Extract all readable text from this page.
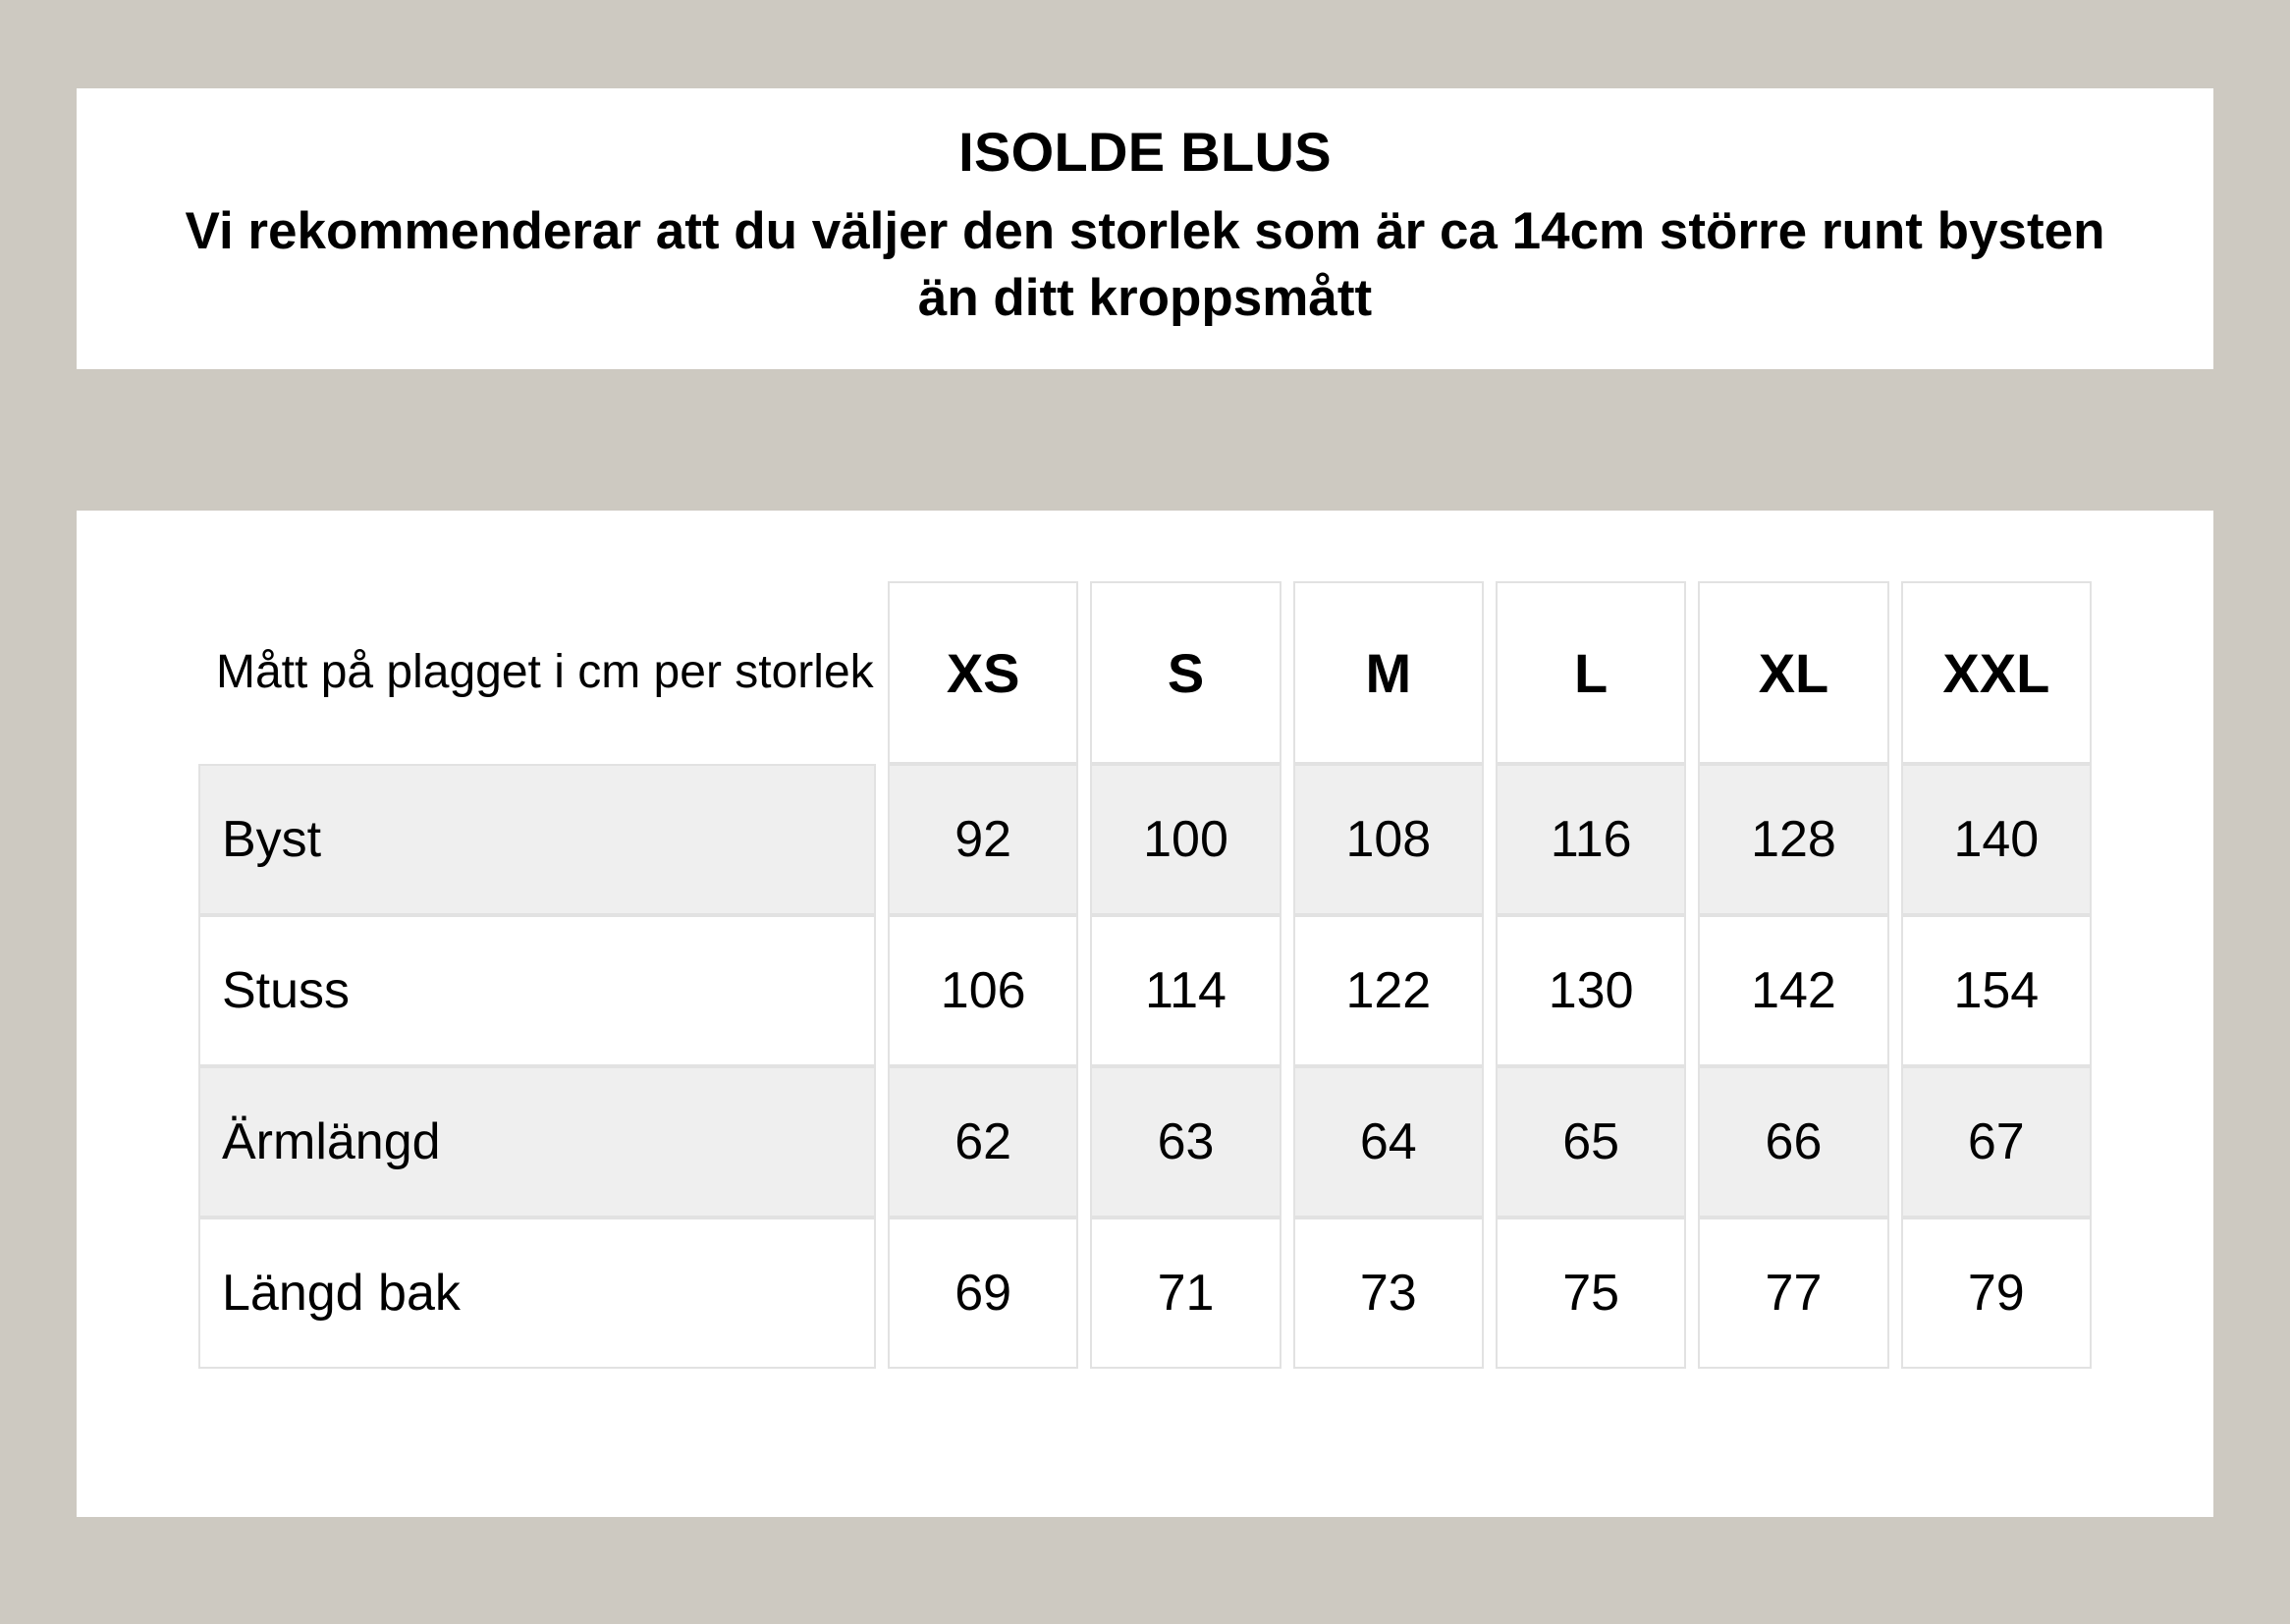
ISOLDE BLUS
Vi rekommenderar att du väljer den storlek som är ca 14cm större runt bysten än ditt kroppsmått
Mått på plagget i cm per storlek	XS	S	M	L	XL	XXL
Byst	92	100	108	116	128	140
Stuss	106	114	122	130	142	154
Ärmlängd	62	63	64	65	66	67
Längd bak	69	71	73	75	77	79
